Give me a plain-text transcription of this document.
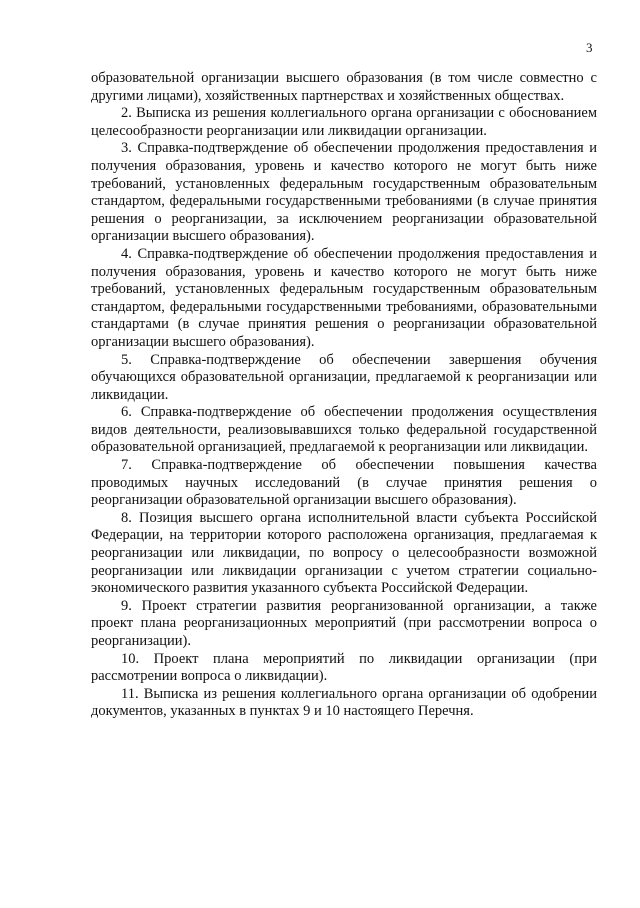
3

образовательной организации высшего образования (в том числе совместно с другими лицами), хозяйственных партнерствах и хозяйственных обществах.

2. Выписка из решения коллегиального органа организации с обоснованием целесообразности реорганизации или ликвидации организации.

3. Справка-подтверждение об обеспечении продолжения предоставления и получения образования, уровень и качество которого не могут быть ниже требований, установленных федеральным государственным образовательным стандартом, федеральными государственными требованиями (в случае принятия решения о реорганизации, за исключением реорганизации образовательной организации высшего образования).

4. Справка-подтверждение об обеспечении продолжения предоставления и получения образования, уровень и качество которого не могут быть ниже требований, установленных федеральным государственным образовательным стандартом, федеральными государственными требованиями, образовательными стандартами (в случае принятия решения о реорганизации образовательной организации высшего образования).

5. Справка-подтверждение об обеспечении завершения обучения обучающихся образовательной организации, предлагаемой к реорганизации или ликвидации.

6. Справка-подтверждение об обеспечении продолжения осуществления видов деятельности, реализовывавшихся только федеральной государственной образовательной организацией, предлагаемой к реорганизации или ликвидации.

7. Справка-подтверждение об обеспечении повышения качества проводимых научных исследований (в случае принятия решения о реорганизации образовательной организации высшего образования).

8. Позиция высшего органа исполнительной власти субъекта Российской Федерации, на территории которого расположена организация, предлагаемая к реорганизации или ликвидации, по вопросу о целесообразности возможной реорганизации или ликвидации организации с учетом стратегии социально-экономического развития указанного субъекта Российской Федерации.

9. Проект стратегии развития реорганизованной организации, а также проект плана реорганизационных мероприятий (при рассмотрении вопроса о реорганизации).

10. Проект плана мероприятий по ликвидации организации (при рассмотрении вопроса о ликвидации).

11. Выписка из решения коллегиального органа организации об одобрении документов, указанных в пунктах 9 и 10 настоящего Перечня.
